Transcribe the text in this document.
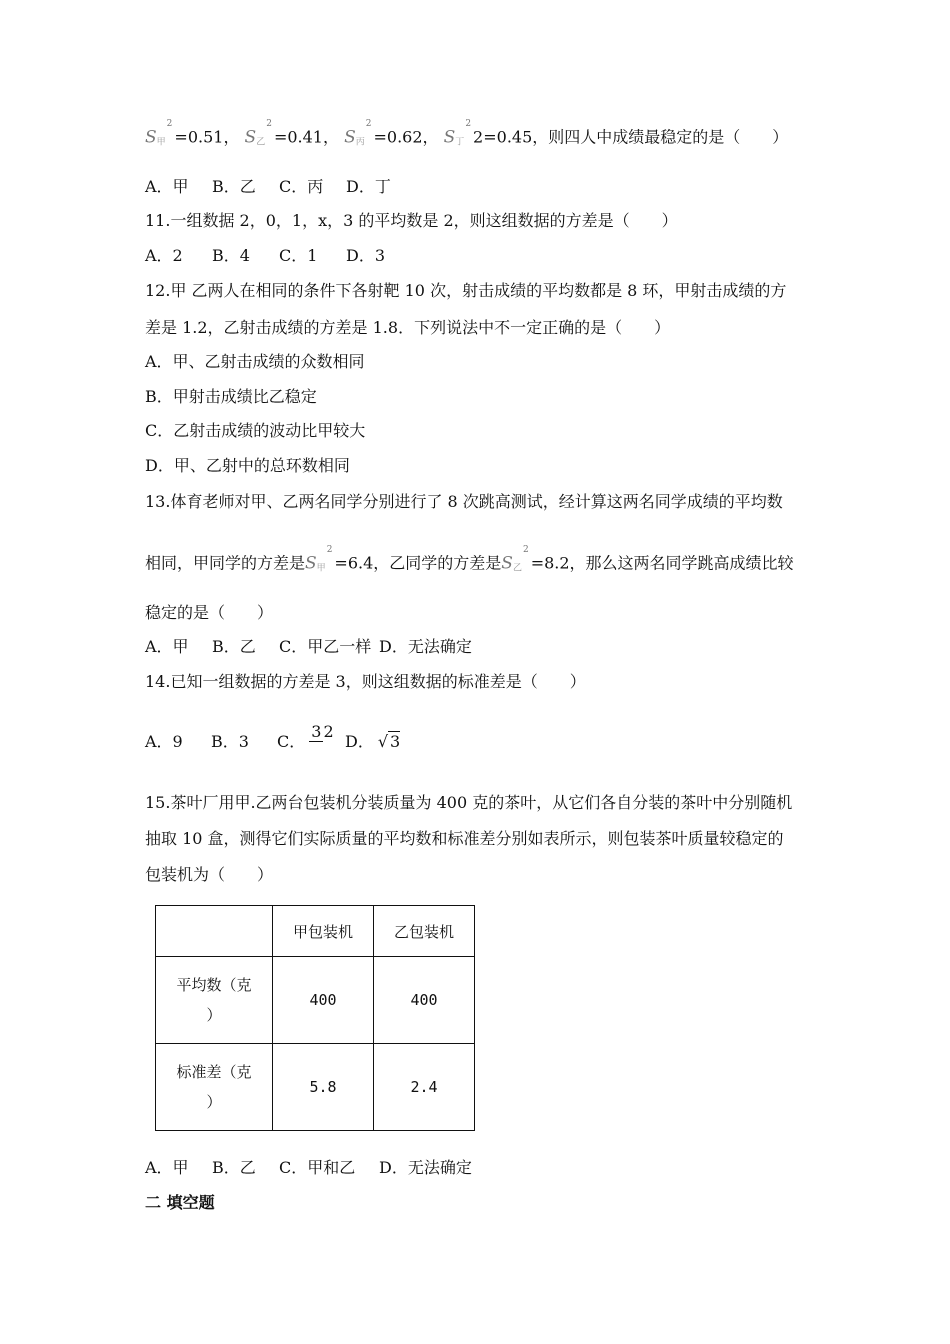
$S_甲^2=0.51$， $S_乙^2=0.41$， $S_丙^2=0.62$， $S_丁^22=0.45$，则四人中成绩最稳定的是（　　）
A．甲 B．乙 C．丙 D．丁
11.一组数据 2，0，1，x，3 的平均数是 2，则这组数据的方差是（　　）
A．2 B．4 C．1 D．3
12.甲 乙两人在相同的条件下各射靶 10 次，射击成绩的平均数都是 8 环，甲射击成绩的方
差是 1.2，乙射击成绩的方差是 1.8．下列说法中不一定正确的是（　　）
A．甲、乙射击成绩的众数相同
B．甲射击成绩比乙稳定
C．乙射击成绩的波动比甲较大
D．甲、乙射中的总环数相同
13.体育老师对甲、乙两名同学分别进行了 8 次跳高测试，经计算这两名同学成绩的平均数
相同，甲同学的方差是$S_甲^2=6.4$，乙同学的方差是$S_乙^2=8.2$，那么这两名同学跳高成绩比较
稳定的是（　　）
A．甲 B．乙 C．甲乙一样 D．无法确定
14.已知一组数据的方差是 3，则这组数据的标准差是（　　）
A．9 B．3 C．3 2D． √ 3
15.茶叶厂用甲.乙两台包装机分装质量为 400 克的茶叶，从它们各自分装的茶叶中分别随机
抽取 10 盒，测得它们实际质量的平均数和标准差分别如表所示，则包装茶叶质量较稳定的
包装机为（　　）
	甲包装机	乙包装机

平均数（克
）	400	400

标准差（克
）	5.8	2.4
A．甲 B．乙 C．甲和乙 D．无法确定
二 填空题
